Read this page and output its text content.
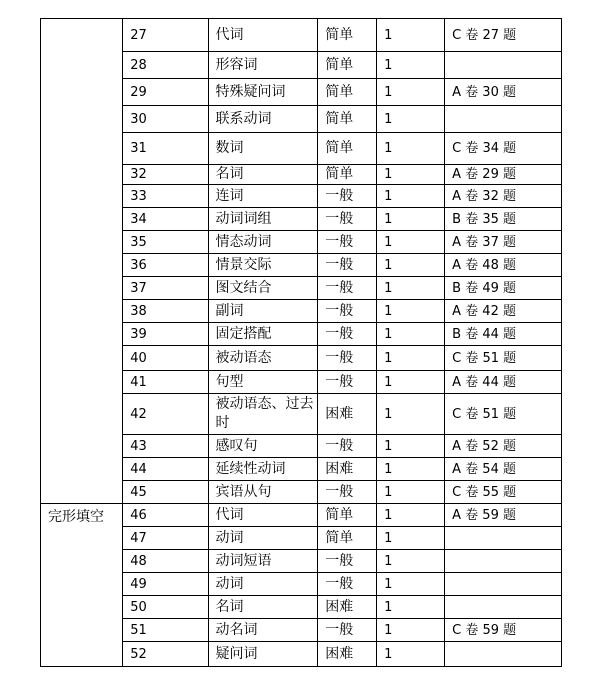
	27	代词	简单	1	C 卷 27 题
	28	形容词	简单	1	
	29	特殊疑问词	简单	1	A 卷 30 题
	30	联系动词	简单	1	
	31	数词	简单	1	C 卷 34 题
	32	名词	简单	1	A 卷 29 题
	33	连词	一般	1	A 卷 32 题
	34	动词词组	一般	1	B 卷 35 题
	35	情态动词	一般	1	A 卷 37 题
	36	情景交际	一般	1	A 卷 48 题
	37	图文结合	一般	1	B 卷 49 题
	38	副词	一般	1	A 卷 42 题
	39	固定搭配	一般	1	B 卷 44 题
	40	被动语态	一般	1	C 卷 51 题
	41	句型	一般	1	A 卷 44 题
	42	被动语态、过去时	困难	1	C 卷 51 题
	43	感叹句	一般	1	A 卷 52 题
	44	延续性动词	困难	1	A 卷 54 题
	45	宾语从句	一般	1	C 卷 55 题
完形填空	46	代词	简单	1	A 卷 59 题
	47	动词	简单	1	
	48	动词短语	一般	1	
	49	动词	一般	1	
	50	名词	困难	1	
	51	动名词	一般	1	C 卷 59 题
	52	疑问词	困难	1	
